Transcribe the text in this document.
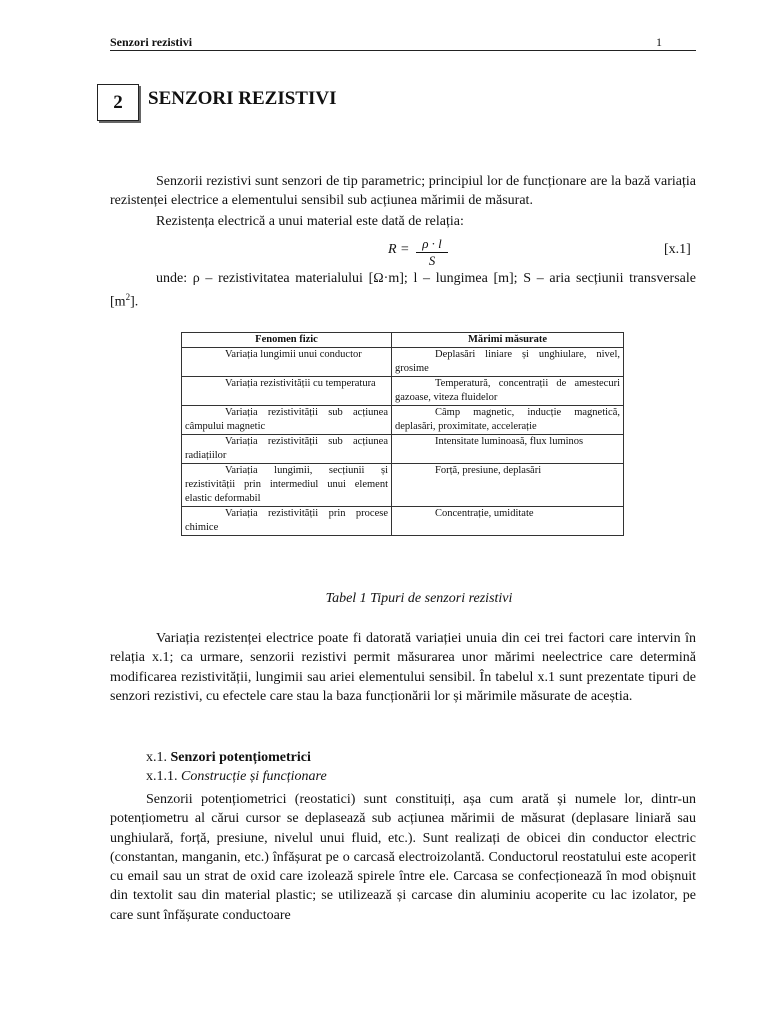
Senzori rezistivi	1
2	SENZORI REZISTIVI

Senzorii rezistivi sunt senzori de tip parametric; principiul lor de funcționare are la bază variația rezistenței electrice a elementului sensibil sub acțiunea mărimii de măsurat.

Rezistența electrică a unui material este dată de relația:

$R = \frac{\rho \cdot l}{S}$	[x.1]

unde: ρ – rezistivitatea materialului [Ω·m]; l – lungimea [m]; S – aria secțiunii transversale $[m^2]$.

Fenomen fizic	Mărimi măsurate
Variația lungimii unui conductor	Deplasări liniare și unghiulare, nivel, grosime
Variația rezistivității cu temperatura	Temperatură, concentrații de amestecuri gazoase, viteza fluidelor
Variația rezistivității sub acțiunea câmpului magnetic	Câmp magnetic, inducție magnetică, deplasări, proximitate, accelerație
Variația rezistivității sub acțiunea radiațiilor	Intensitate luminoasă, flux luminos
Variația lungimii, secțiunii și rezistivității prin intermediul unui element elastic deformabil	Forță, presiune, deplasări
Variația rezistivității prin procese chimice	Concentrație, umiditate
Tabel 1 Tipuri de senzori rezistivi

Variația rezistenței electrice poate fi datorată variației unuia din cei trei factori care intervin în relația x.1; ca urmare, senzorii rezistivi permit măsurarea unor mărimi neelectrice care determină modificarea rezistivității, lungimii sau ariei elementului sensibil. În tabelul x.1 sunt prezentate tipuri de senzori rezistivi, cu efectele care stau la baza funcționării lor și mărimile măsurate de aceștia.

x.1. Senzori potențiometrici
x.1.1. Construcție și funcționare

Senzorii potențiometrici (reostatici) sunt constituiți, așa cum arată și numele lor, dintr-un potențiometru al cărui cursor se deplasează sub acțiunea mărimii de măsurat (deplasare liniară sau unghiulară, forță, presiune, nivelul unui fluid, etc.). Sunt realizați de obicei din conductor electric (constantan, manganin, etc.) înfășurat pe o carcasă electroizolantă. Conductorul reostatului este acoperit cu email sau un strat de oxid care izolează spirele între ele. Carcasa se confecționează în mod obișnuit din textolit sau din material plastic; se utilizează și carcase din aluminiu acoperite cu lac izolator, pe care sunt înfășurate conductoare
